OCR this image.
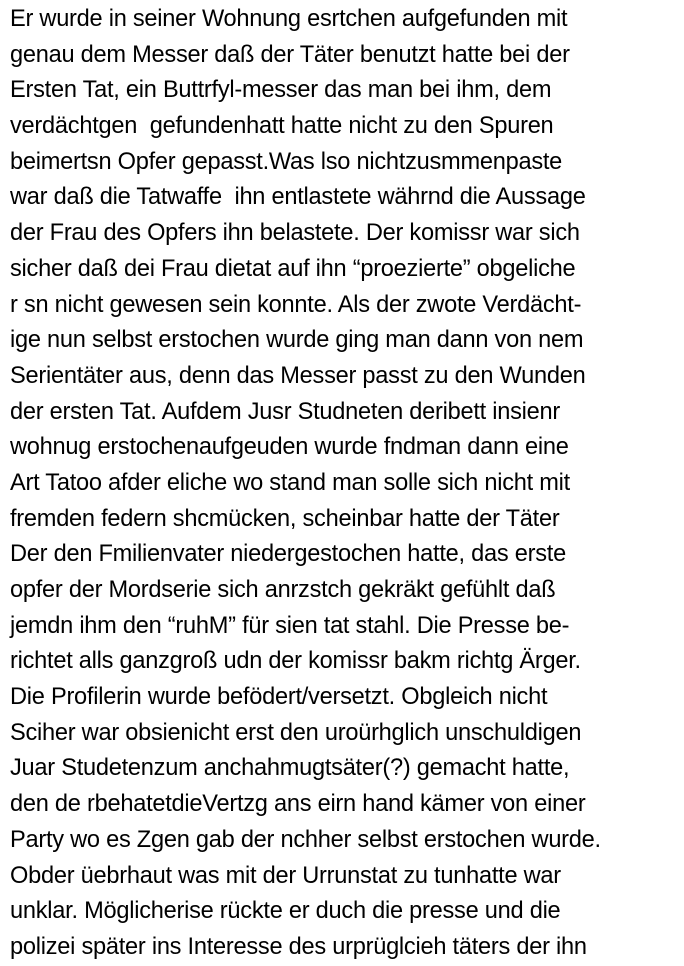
Er wurde in seiner Wohnung esrtchen aufgefunden mit
genau dem Messer daß der Täter benutzt hatte bei der
Ersten Tat, ein Buttrfyl-messer das man bei ihm, dem
verdächtgen  gefundenhatt hatte nicht zu den Spuren
beimertsn Opfer gepasst.Was lso nichtzusmmenpaste
war daß die Tatwaffe  ihn entlastete währnd die Aussage
der Frau des Opfers ihn belastete. Der komissr war sich
sicher daß dei Frau dietat auf ihn “proezierte” obgeliche
r sn nicht gewesen sein konnte. Als der zwote Verdächt-
ige nun selbst erstochen wurde ging man dann von nem
Serientäter aus, denn das Messer passt zu den Wunden
der ersten Tat. Aufdem Jusr Studneten deribett insienr
wohnug erstochenaufgeuden wurde fndman dann eine
Art Tatoo afder eliche wo stand man solle sich nicht mit
fremden federn shcmücken, scheinbar hatte der Täter
Der den Fmilienvater niedergestochen hatte, das erste
opfer der Mordserie sich anrzstch gekräkt gefühlt daß
jemdn ihm den “ruhM” für sien tat stahl. Die Presse be-
richtet alls ganzgroß udn der komissr bakm richtg Ärger.
Die Profilerin wurde befödert/versetzt. Obgleich nicht
Sciher war obsienicht erst den uroürhglich unschuldigen
Juar Studetenzum anchahmugtsäter(?) gemacht hatte,
den de rbehatetdieVertzg ans eirn hand kämer von einer
Party wo es Zgen gab der nchher selbst erstochen wurde.
Obder üebrhaut was mit der Urrunstat zu tunhatte war
unklar. Möglicherise rückte er duch die presse und die
polizei später ins Interesse des urprüglcieh täters der ihn
